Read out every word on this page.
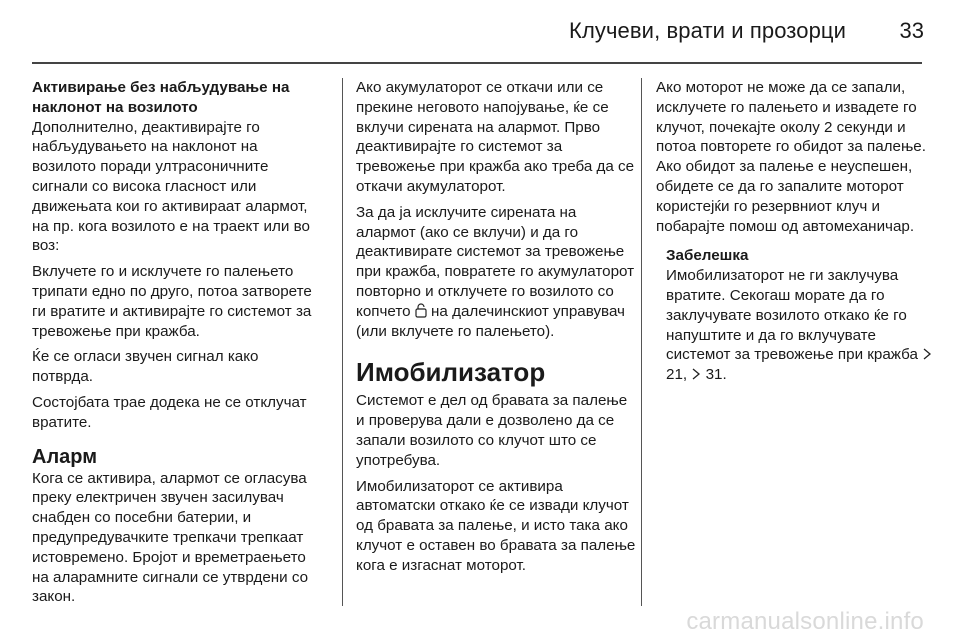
Клучеви, врати и прозорци 33

Активирање без набљудување на наклонот на возилото

Дополнително, деактивирајте го набљудувањето на наклонот на возилото поради ултрасоничните сигнали со висока гласност или движењата кои го активираат алармот, на пр. кога возилото е на траект или во воз:

Вклучете го и исклучете го палењето трипати едно по друго, потоа затворете ги вратите и активирајте го системот за тревожење при кражба.

Ќе се огласи звучен сигнал како потврда.

Состојбата трае додека не се отклучат вратите.

Аларм

Кога се активира, алармот се огласува преку електричен звучен засилувач снабден со посебни батерии, и предупредувачките трепкачи трепкаат истовремено. Бројот и времетраењето на аларамните сигнали се утврдени со закон.

Ако акумулаторот се откачи или се прекине неговото напојување, ќе се вклучи сирената на алармот. Прво деактивирајте го системот за тревожење при кражба ако треба да се откачи акумулаторот.

За да ја исклучите сирената на алармот (ако се вклучи) и да го деактивирате системот за тревожење при кражба, повратете го акумулаторот повторно и отклучете го возилото со копчето на далечинскиот управувач (или вклучете го палењето).

Имобилизатор

Системот е дел од бравата за палење и проверува дали е дозволено да се запали возилото со клучот што се употребува.

Имобилизаторот се активира автоматски откако ќе се извади клучот од бравата за палење, и исто така ако клучот е оставен во бравата за палење кога е изгаснат моторот.

Ако моторот не може да се запали, исклучете го палењето и извадете го клучот, почекајте околу 2 секунди и потоа повторете го обидот за палење. Ако обидот за палење е неуспешен, обидете се да го запалите моторот користејќи го резервниот клуч и побарајте помош од автомеханичар.

Забелешка

Имобилизаторот не ги заклучува вратите. Секогаш морате да го заклучувате возилото откако ќе го напуштите и да го вклучувате системот за тревожење при кражба  21, 31.

carmanualsonline.info
